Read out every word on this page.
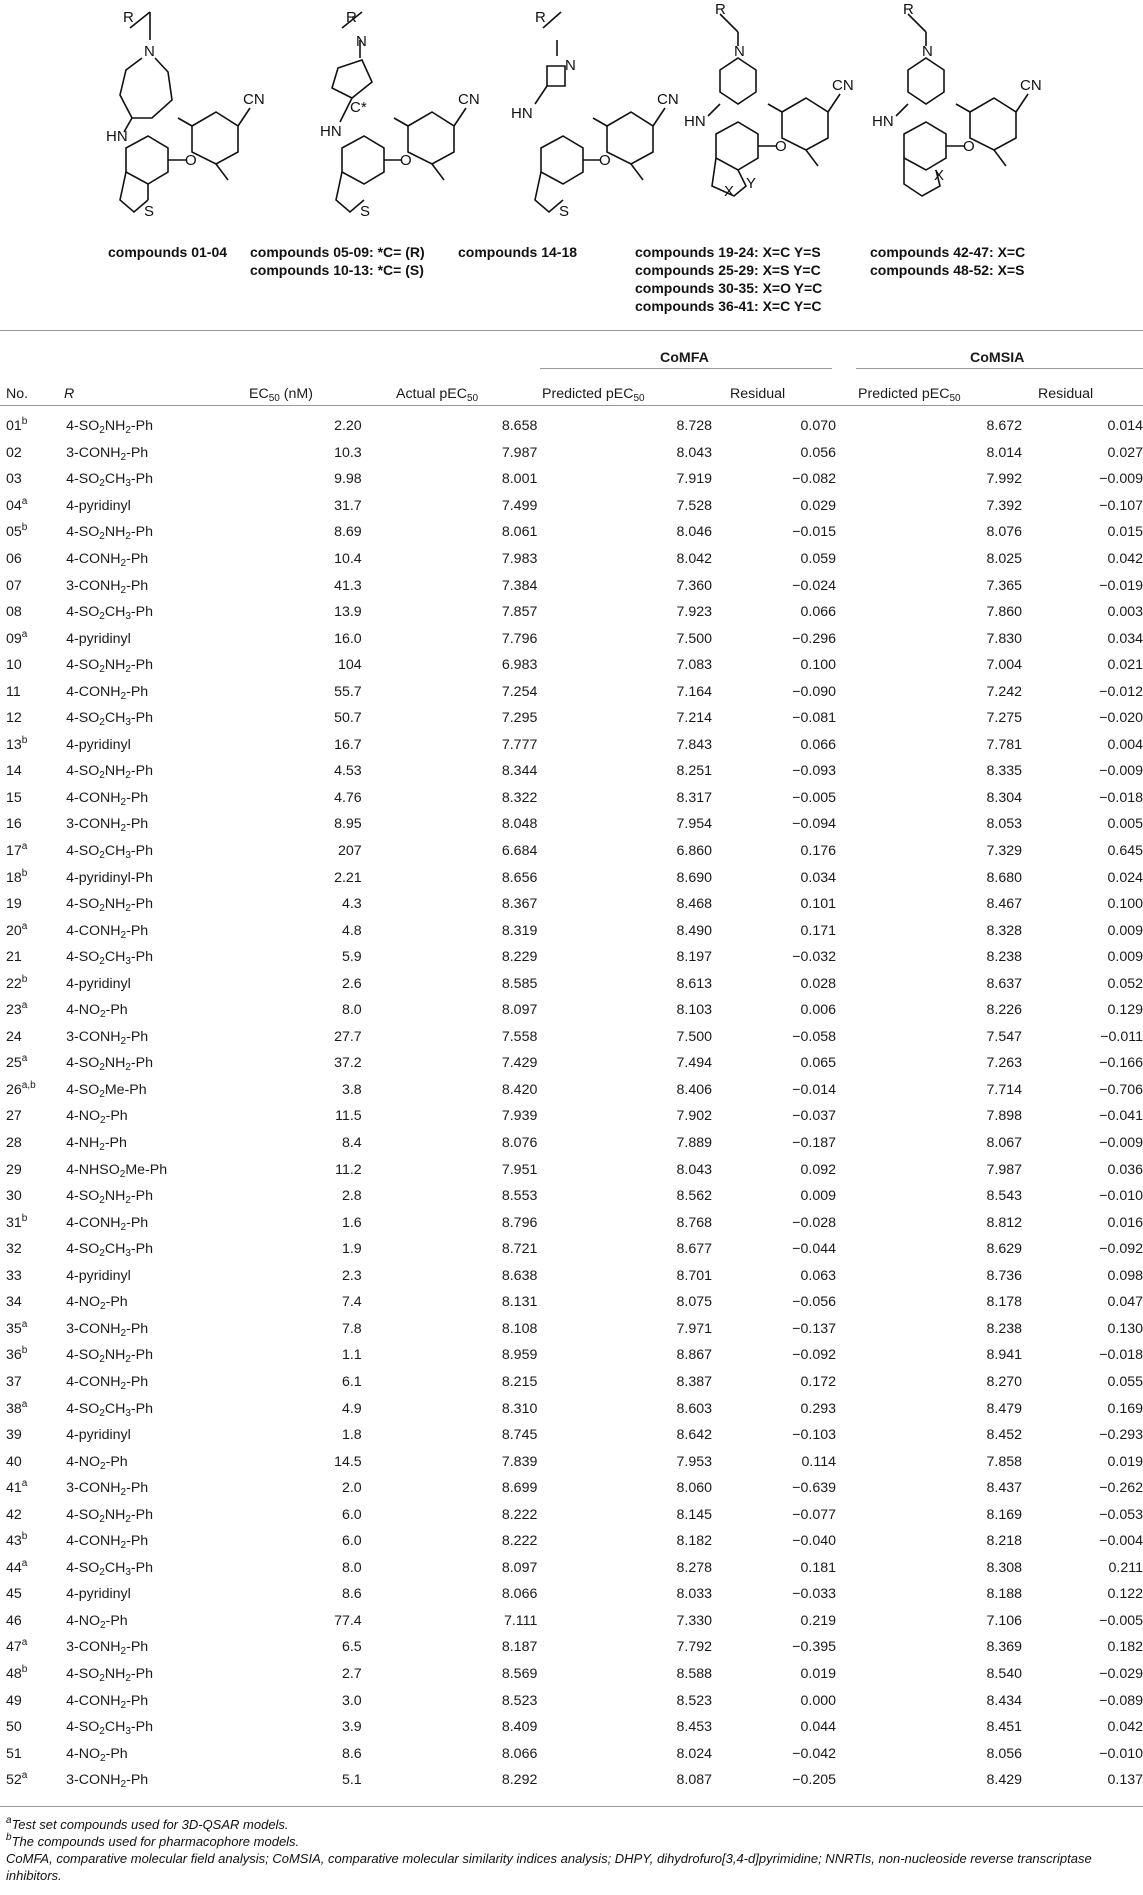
R
N
HN
CN
O
S
R
N
C*
HN
CN
O
S
R
N
HN
CN
O
S
R
N
HN
CN
O
X Y
R
N
HN
CN
O
X
compounds 01-04 compounds 05-09: *C= (R)
compounds 10-13: *C= (S)
compounds 14-18	compounds 19-24: X=C Y=S
compounds 25-29: X=S Y=C
compounds 30-35: X=O Y=C
compounds 36-41: X=C Y=C
compounds 42-47: X=C
compounds 48-52: X=S
CoMFA	CoMSIA
No.	R	$EC_{50}$ (nM)	Actual pEC$_{50}$	Predicted pEC$_{50}$	Residual	Predicted pEC$_{50}$	Residual
01$^b$	$4-SO_2NH_2-Ph$	2.20	8.658	8.728	0.070	8.672	0.014
02	$3-CONH_2-Ph$	10.3	7.987	8.043	0.056	8.014	0.027
03	$4-SO_2CH_3-Ph$	9.98	8.001	7.919	−0.082	7.992	−0.009
04$^a$	4-pyridinyl	31.7	7.499	7.528	0.029	7.392	−0.107
05$^b$	$4-SO_2NH_2-Ph$	8.69	8.061	8.046	−0.015	8.076	0.015
06	$4-CONH_2-Ph$	10.4	7.983	8.042	0.059	8.025	0.042
07	$3-CONH_2-Ph$	41.3	7.384	7.360	−0.024	7.365	−0.019
08	$4-SO_2CH_3-Ph$	13.9	7.857	7.923	0.066	7.860	0.003
09$^a$	4-pyridinyl	16.0	7.796	7.500	−0.296	7.830	0.034
10	$4-SO_2NH_2-Ph$	104	6.983	7.083	0.100	7.004	0.021
11	$4-CONH_2-Ph$	55.7	7.254	7.164	−0.090	7.242	−0.012
12	$4-SO_2CH_3-Ph$	50.7	7.295	7.214	−0.081	7.275	−0.020
13$^b$	4-pyridinyl	16.7	7.777	7.843	0.066	7.781	0.004
14	$4-SO_2NH_2-Ph$	4.53	8.344	8.251	−0.093	8.335	−0.009
15	$4-CONH_2-Ph$	4.76	8.322	8.317	−0.005	8.304	−0.018
16	$3-CONH_2-Ph$	8.95	8.048	7.954	−0.094	8.053	0.005
17$^a$	$4-SO_2CH_3-Ph$	207	6.684	6.860	0.176	7.329	0.645
18$^b$	4-pyridinyl-Ph	2.21	8.656	8.690	0.034	8.680	0.024
19	$4-SO_2NH_2-Ph$	4.3	8.367	8.468	0.101	8.467	0.100
20$^a$	$4-CONH_2-Ph$	4.8	8.319	8.490	0.171	8.328	0.009
21	$4-SO_2CH_3-Ph$	5.9	8.229	8.197	−0.032	8.238	0.009
22$^b$	4-pyridinyl	2.6	8.585	8.613	0.028	8.637	0.052
23$^a$	$4-NO_2-Ph$	8.0	8.097	8.103	0.006	8.226	0.129
24	$3-CONH_2-Ph$	27.7	7.558	7.500	−0.058	7.547	−0.011
25$^a$	$4-SO_2NH_2-Ph$	37.2	7.429	7.494	0.065	7.263	−0.166
26$^{a,b}$	$4-SO_2Me-Ph$	3.8	8.420	8.406	−0.014	7.714	−0.706
27	$4-NO_2-Ph$	11.5	7.939	7.902	−0.037	7.898	−0.041
28	$4-NH_2-Ph$	8.4	8.076	7.889	−0.187	8.067	−0.009
29	$4-NHSO_2Me-Ph$	11.2	7.951	8.043	0.092	7.987	0.036
30	$4-SO_2NH_2-Ph$	2.8	8.553	8.562	0.009	8.543	−0.010
31$^b$	$4-CONH_2-Ph$	1.6	8.796	8.768	−0.028	8.812	0.016
32	$4-SO_2CH_3-Ph$	1.9	8.721	8.677	−0.044	8.629	−0.092
33	4-pyridinyl	2.3	8.638	8.701	0.063	8.736	0.098
34	$4-NO_2-Ph$	7.4	8.131	8.075	−0.056	8.178	0.047
35$^a$	$3-CONH_2-Ph$	7.8	8.108	7.971	−0.137	8.238	0.130
36$^b$	$4-SO_2NH_2-Ph$	1.1	8.959	8.867	−0.092	8.941	−0.018
37	$4-CONH_2-Ph$	6.1	8.215	8.387	0.172	8.270	0.055
38$^a$	$4-SO_2CH_3-Ph$	4.9	8.310	8.603	0.293	8.479	0.169
39	4-pyridinyl	1.8	8.745	8.642	−0.103	8.452	−0.293
40	$4-NO_2-Ph$	14.5	7.839	7.953	0.114	7.858	0.019
41$^a$	$3-CONH_2-Ph$	2.0	8.699	8.060	−0.639	8.437	−0.262
42	$4-SO_2NH_2-Ph$	6.0	8.222	8.145	−0.077	8.169	−0.053
43$^b$	$4-CONH_2-Ph$	6.0	8.222	8.182	−0.040	8.218	−0.004
44$^a$	$4-SO_2CH_3-Ph$	8.0	8.097	8.278	0.181	8.308	0.211
45	4-pyridinyl	8.6	8.066	8.033	−0.033	8.188	0.122
46	$4-NO_2-Ph$	77.4	7.111	7.330	0.219	7.106	−0.005
47$^a$	$3-CONH_2-Ph$	6.5	8.187	7.792	−0.395	8.369	0.182
48$^b$	$4-SO_2NH_2-Ph$	2.7	8.569	8.588	0.019	8.540	−0.029
49	$4-CONH_2-Ph$	3.0	8.523	8.523	0.000	8.434	−0.089
50	$4-SO_2CH_3-Ph$	3.9	8.409	8.453	0.044	8.451	0.042
51	$4-NO_2-Ph$	8.6	8.066	8.024	−0.042	8.056	−0.010
52$^a$	$3-CONH_2-Ph$	5.1	8.292	8.087	−0.205	8.429	0.137
$^a$Test set compounds used for 3D-QSAR models.
$^b$The compounds used for pharmacophore models.
CoMFA, comparative molecular field analysis; CoMSIA, comparative molecular similarity indices analysis; DHPY, dihydrofuro[3,4-d]pyrimidine; NNRTIs, non-nucleoside reverse transcriptase inhibitors.
